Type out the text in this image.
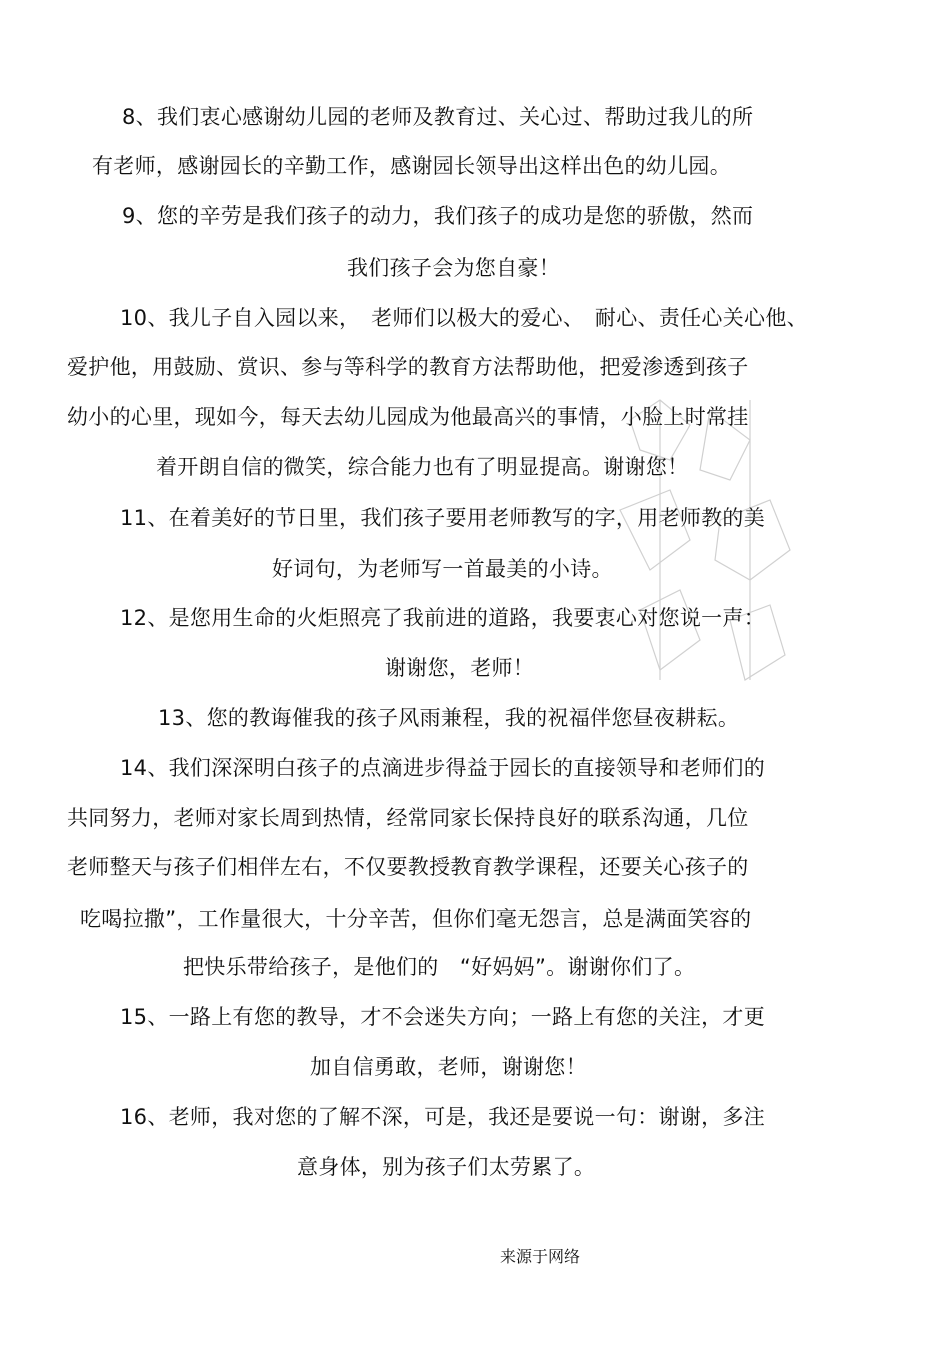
8、我们衷心感谢幼儿园的老师及教育过、关心过、帮助过我儿的所
有老师，感谢园长的辛勤工作，感谢园长领导出这样出色的幼儿园。
9、您的辛劳是我们孩子的动力，我们孩子的成功是您的骄傲，然而
我们孩子会为您自豪！
10、我儿子自入园以来，　老师们以极大的爱心、　耐心、责任心关心他、
爱护他，用鼓励、赏识、参与等科学的教育方法帮助他，把爱渗透到孩子
幼小的心里，现如今，每天去幼儿园成为他最高兴的事情，小脸上时常挂
着开朗自信的微笑，综合能力也有了明显提高。谢谢您！
11、在着美好的节日里，我们孩子要用老师教写的字，用老师教的美
好词句，为老师写一首最美的小诗。
12、是您用生命的火炬照亮了我前进的道路，我要衷心对您说一声：
谢谢您，老师！
13、您的教诲催我的孩子风雨兼程，我的祝福伴您昼夜耕耘。
14、我们深深明白孩子的点滴进步得益于园长的直接领导和老师们的
共同努力，老师对家长周到热情，经常同家长保持良好的联系沟通，几位
老师整天与孩子们相伴左右，不仅要教授教育教学课程，还要关心孩子的
吃喝拉撒”，工作量很大，十分辛苦，但你们毫无怨言，总是满面笑容的
把快乐带给孩子，是他们的　“好妈妈”。谢谢你们了。
15、一路上有您的教导，才不会迷失方向；一路上有您的关注，才更
加自信勇敢，老师，谢谢您！
16、老师，我对您的了解不深，可是，我还是要说一句：谢谢，多注
意身体，别为孩子们太劳累了。
来源于网络
